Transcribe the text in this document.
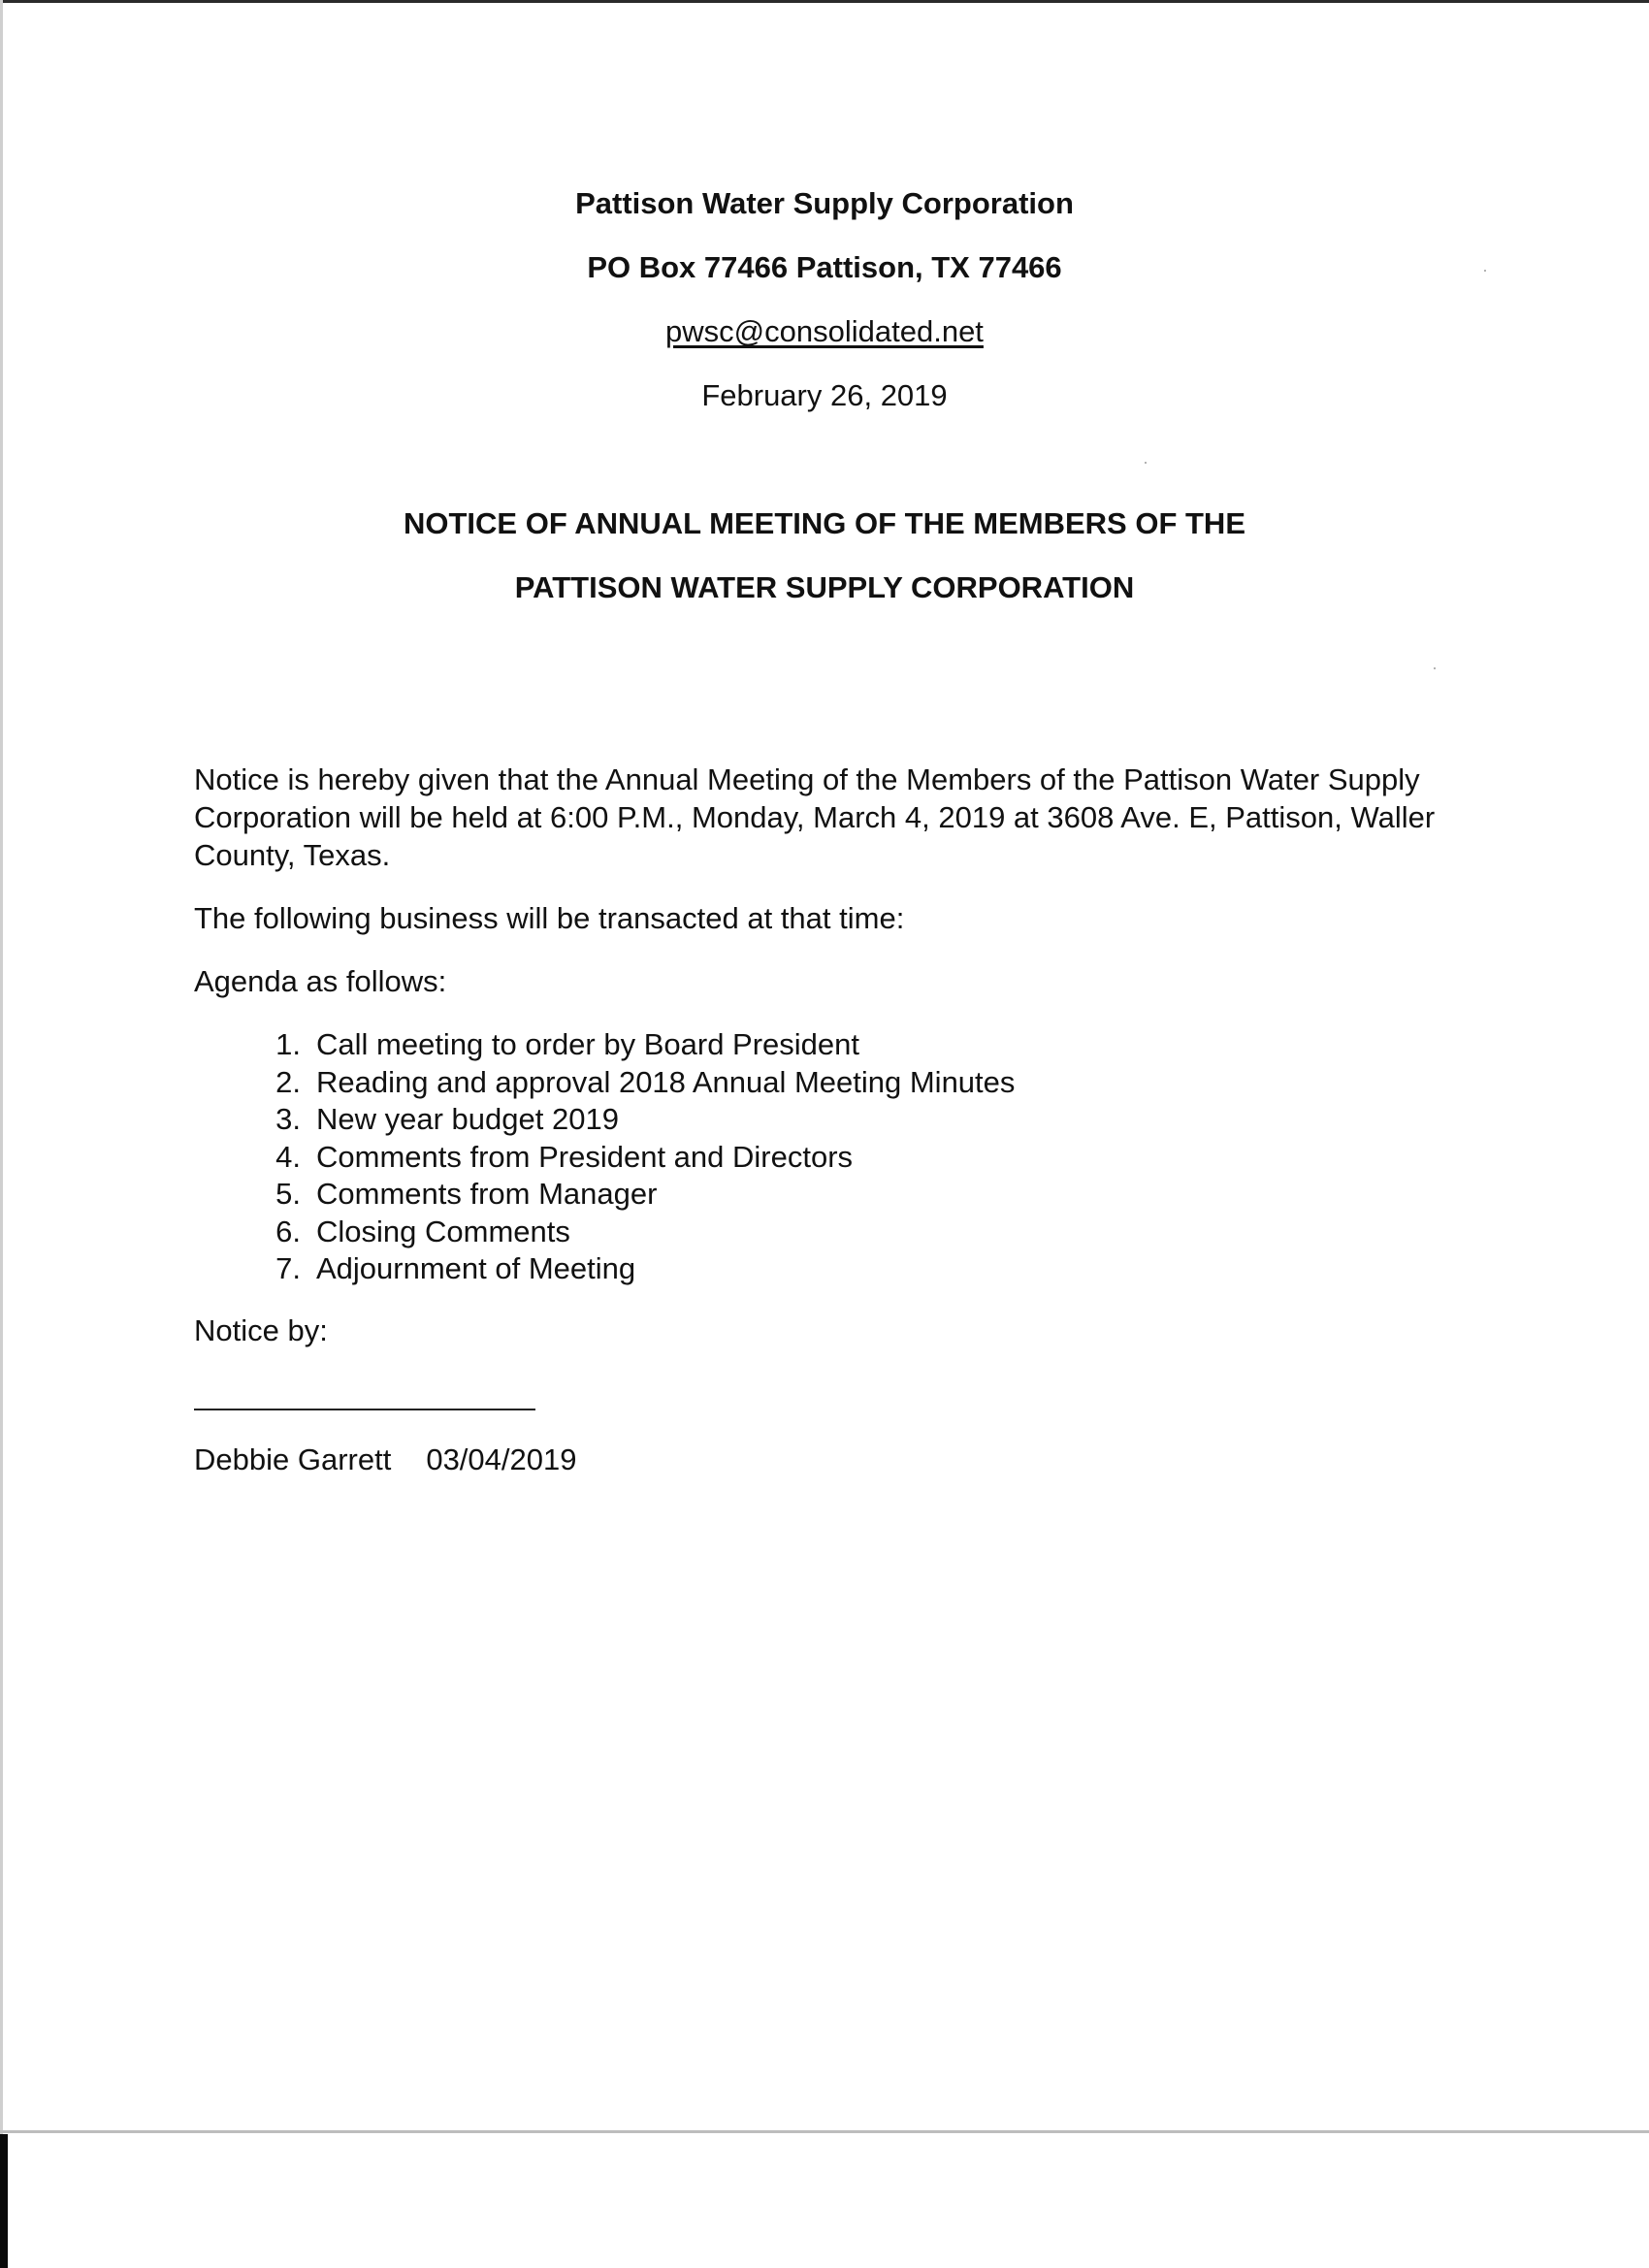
Pattison Water Supply Corporation
PO Box 77466 Pattison, TX 77466
pwsc@consolidated.net
February 26, 2019
NOTICE OF ANNUAL MEETING OF THE MEMBERS OF THE
PATTISON WATER SUPPLY CORPORATION

Notice is hereby given that the Annual Meeting of the Members of the Pattison Water Supply Corporation will be held at 6:00 P.M., Monday, March 4, 2019 at 3608 Ave. E, Pattison, Waller County, Texas.

The following business will be transacted at that time:

Agenda as follows:

1. Call meeting to order by Board President
2. Reading and approval 2018 Annual Meeting Minutes
3. New year budget 2019
4. Comments from President and Directors
5. Comments from Manager
6. Closing Comments
7. Adjournment of Meeting

Notice by:

Debbie Garrett 03/04/2019
